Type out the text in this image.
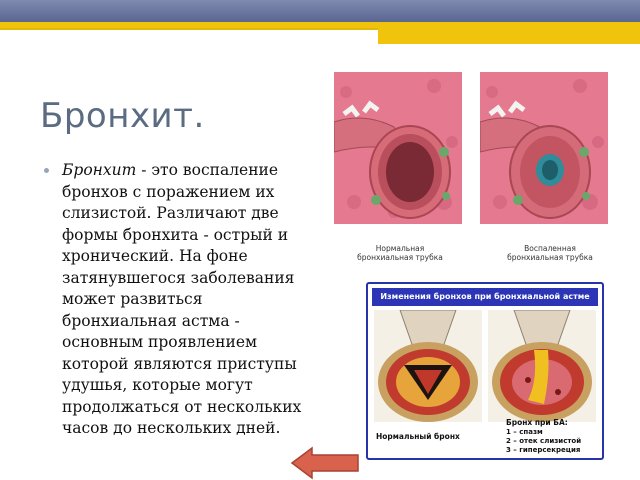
Бронхит.
Бронхит - это воспаление бронхов с поражением их слизистой. Различают две формы бронхита - острый и хронический. На фоне затянувшегося заболевания может развиться бронхиальная астма - основным проявлением которой являются приступы удушья, которые могут продолжаться от нескольких часов до нескольких дней.
Нормальная бронхиальная трубка
Воспаленная бронхиальная трубка
Изменения бронхов при бронхиальной астме
Нормальный бронх
Бронх при БА:
1 – спазм
2 – отек слизистой
3 – гиперсекреция
